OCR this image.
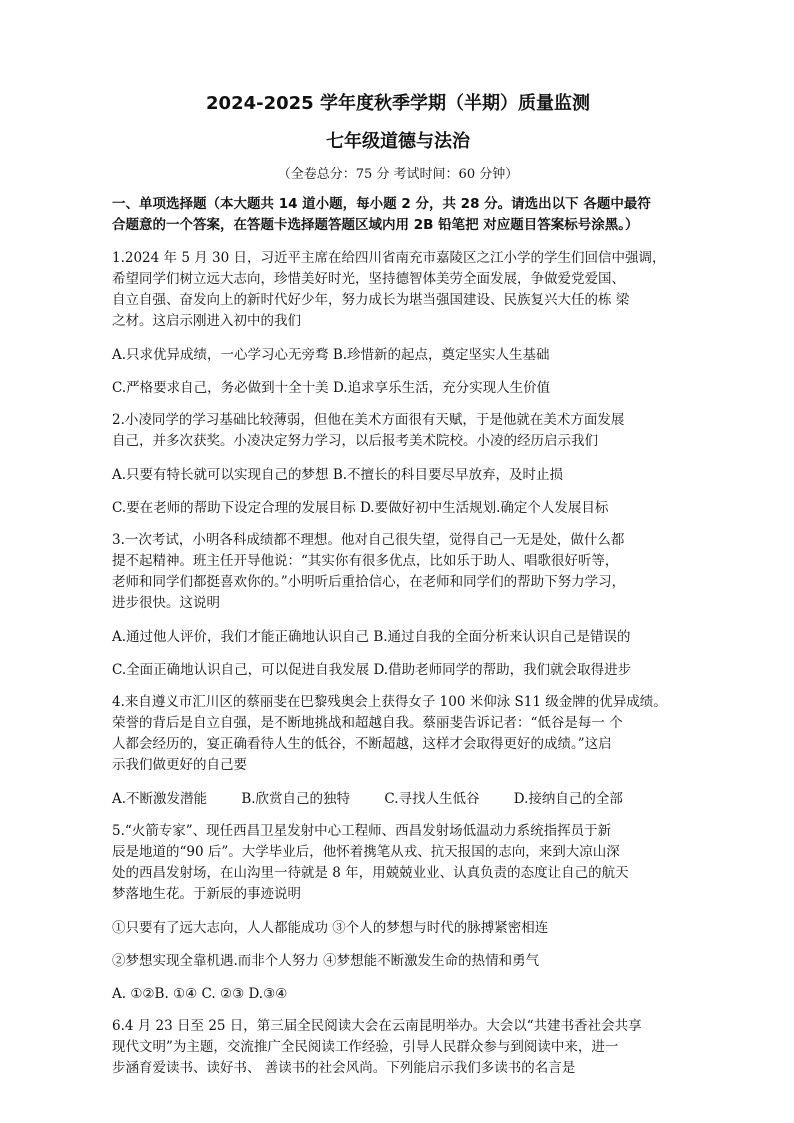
2024-2025 学年度秋季学期（半期）质量监测
七年级道德与法治
（全卷总分：75 分 考试时间：60 分钟）
一、单项选择题（本大题共 14 道小题，每小题 2 分，共 28 分。请选出以下 各题中最符
合题意的一个答案，在答题卡选择题答题区域内用 2B 铅笔把 对应题目答案标号涂黑。）
1.2024 年 5 月 30 日，习近平主席在给四川省南充市嘉陵区之江小学的学生们回信中强调，
希望同学们树立远大志向，珍惜美好时光，坚持德智体美劳全面发展，争做爱党爱国、
自立自强、奋发向上的新时代好少年，努力成长为堪当强国建设、民族复兴大任的栋 梁
之材。这启示刚进入初中的我们
A.只求优异成绩，一心学习心无旁骛 B.珍惜新的起点，奠定坚实人生基础
C.严格要求自己，务必做到十全十美 D.追求享乐生活，充分实现人生价值
2.小凌同学的学习基础比较薄弱，但他在美术方面很有天赋，于是他就在美术方面发展
自己，并多次获奖。小凌决定努力学习，以后报考美术院校。小凌的经历启示我们
A.只要有特长就可以实现自己的梦想 B.不擅长的科目要尽早放弃，及时止损
C.要在老师的帮助下设定合理的发展目标 D.要做好初中生活规划.确定个人发展目标
3.一次考试，小明各科成绩都不理想。他对自己很失望，觉得自己一无是处，做什么都
提不起精神。班主任开导他说：“其实你有很多优点，比如乐于助人、唱歌很好听等，
老师和同学们都挺喜欢你的。”小明听后重拾信心，在老师和同学们的帮助下努力学习，
进步很快。这说明
A.通过他人评价，我们才能正确地认识自己 B.通过自我的全面分析来认识自己是错误的
C.全面正确地认识自己，可以促进自我发展 D.借助老师同学的帮助，我们就会取得进步
4.来自遵义市汇川区的蔡丽斐在巴黎残奥会上获得女子 100 米仰泳 S11 级金牌的优异成绩。
荣誉的背后是自立自强，是不断地挑战和超越自我。蔡丽斐告诉记者：“低谷是每一 个
人都会经历的，宴正确看待人生的低谷，不断超越，这样才会取得更好的成绩。”这启
示我们做更好的自己要
A.不断激发潜能	B.欣赏自己的独特	C.寻找人生低谷	D.接纳自己的全部
5.“火箭专家”、现任西昌卫星发射中心工程师、西昌发射场低温动力系统指挥员于新
辰是地道的“90 后”。大学毕业后，他怀着携笔从戎、抗天报国的志向，来到大凉山深
处的西昌发射场，在山沟里一待就是 8 年，用兢兢业业、认真负责的态度让自己的航天
梦落地生花。于新辰的事迹说明
①只要有了远大志向，人人都能成功 ③个人的梦想与时代的脉搏紧密相连
②梦想实现全靠机遇.而非个人努力 ④梦想能不断激发生命的热情和勇气
A. ①②B. ①④ C. ②③ D.③④
6.4 月 23 日至 25 日，第三届全民阅读大会在云南昆明举办。大会以“共建书香社会共享
现代文明”为主题，交流推广全民阅读工作经验，引导人民群众参与到阅读中来，进一
步涵育爱读书、读好书、 善读书的社会风尚。下列能启示我们多读书的名言是
